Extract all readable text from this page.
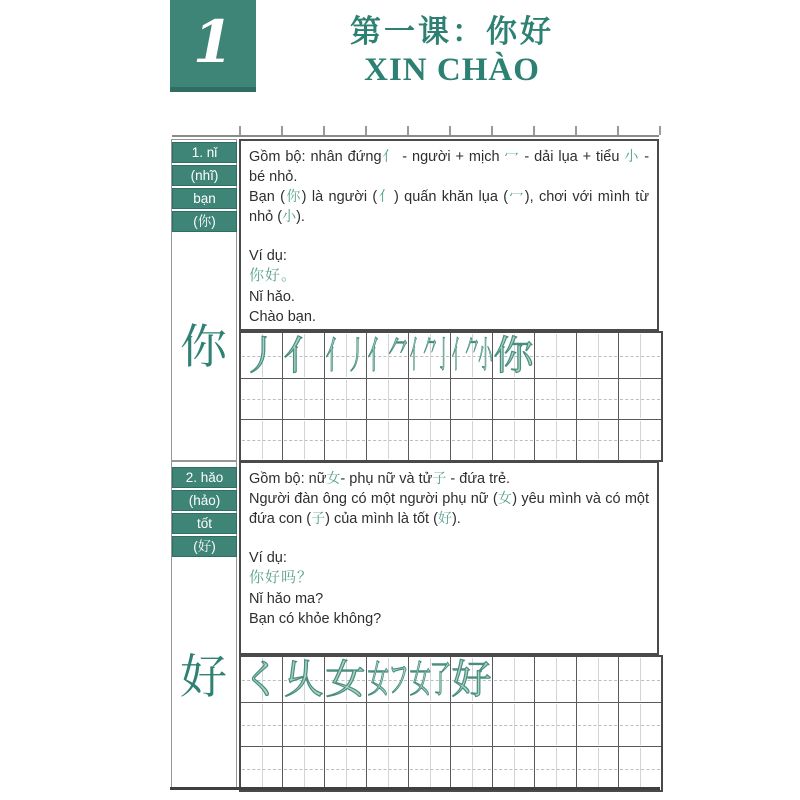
1	第一课：你好
XIN CHÀO
1. nǐ
(nhĩ)
bạn
(你)
你

Gồm bộ: nhân đứng亻 - người + mịch 冖 - dải lụa + tiểu 小 - bé nhỏ.
Bạn (你) là người (亻) quấn khăn lụa (冖), chơi với mình từ nhỏ (小).

Ví dụ:

你好。

Nǐ hǎo.

Chào bạn.

丿 亻 亻丿 亻⺈ 亻⺈亅 亻⺈小 你
2. hǎo
(hảo)
tốt
(好)
好

Gồm bộ: nữ女- phụ nữ và tử子 - đứa trẻ.
Người đàn ông có một người phụ nữ (女) yêu mình và có một đứa con (子) của mình là tốt (好).

Ví dụ:

你好吗？

Nǐ hǎo ma?

Bạn có khỏe không?

く 乆 女 女フ 女了 好
